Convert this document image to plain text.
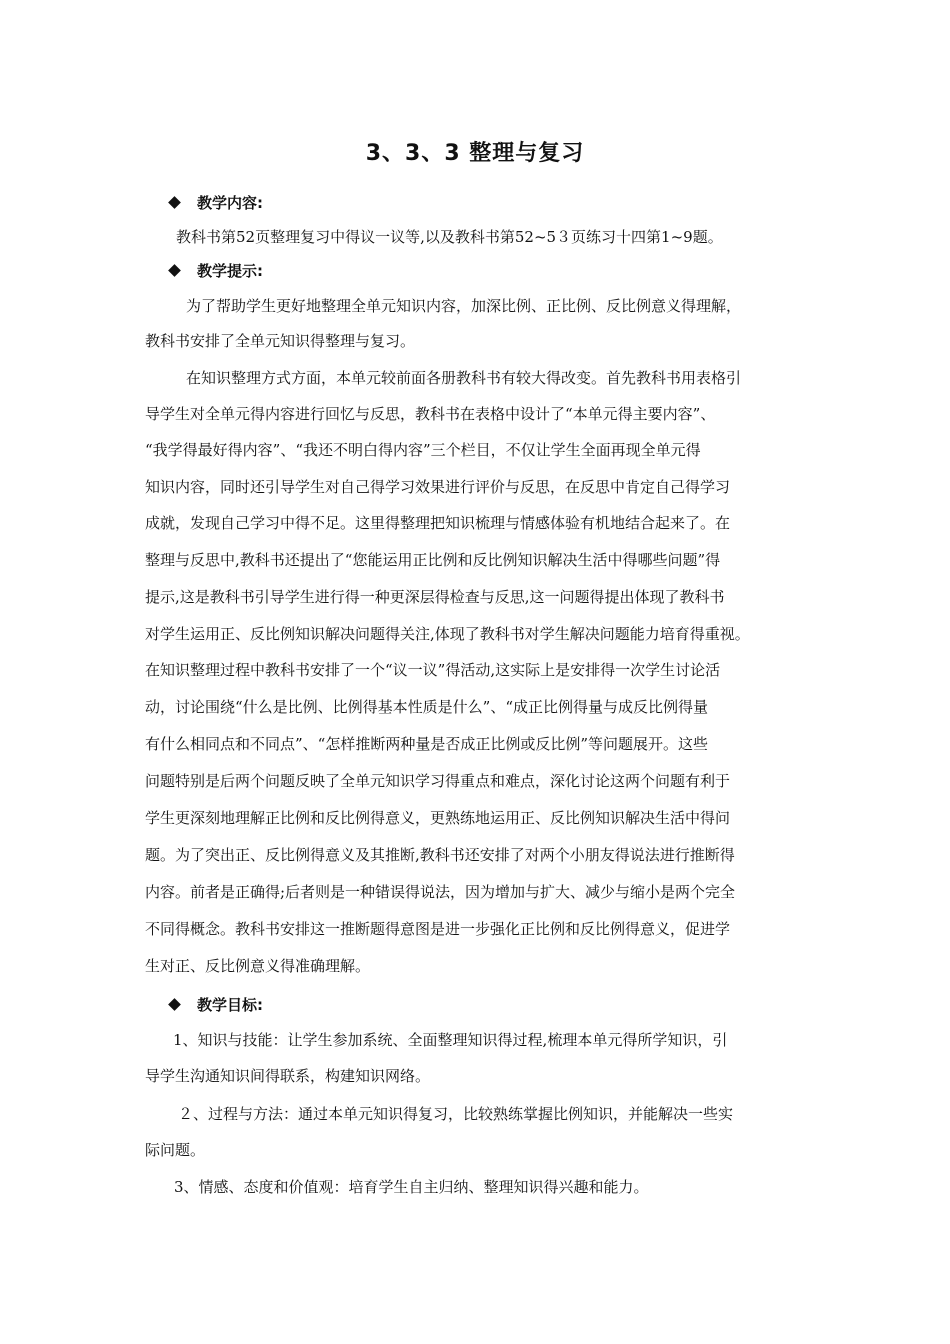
3、3、3 整理与复习
教学内容:
教科书第52页整理复习中得议一议等,以及教科书第52~5３页练习十四第1~9题。
教学提示:
为了帮助学生更好地整理全单元知识内容，加深比例、正比例、反比例意义得理解，
教科书安排了全单元知识得整理与复习。
在知识整理方式方面，本单元较前面各册教科书有较大得改变。首先教科书用表格引
导学生对全单元得内容进行回忆与反思，教科书在表格中设计了“本单元得主要内容”、
“我学得最好得内容”、“我还不明白得内容”三个栏目，不仅让学生全面再现全单元得
知识内容，同时还引导学生对自己得学习效果进行评价与反思，在反思中肯定自己得学习
成就，发现自己学习中得不足。这里得整理把知识梳理与情感体验有机地结合起来了。在
整理与反思中,教科书还提出了“您能运用正比例和反比例知识解决生活中得哪些问题”得
提示,这是教科书引导学生进行得一种更深层得检查与反思,这一问题得提出体现了教科书
对学生运用正、反比例知识解决问题得关注,体现了教科书对学生解决问题能力培育得重视。
在知识整理过程中教科书安排了一个“议一议”得活动,这实际上是安排得一次学生讨论活
动，讨论围绕“什么是比例、比例得基本性质是什么”、“成正比例得量与成反比例得量
有什么相同点和不同点”、“怎样推断两种量是否成正比例或反比例”等问题展开。这些
问题特别是后两个问题反映了全单元知识学习得重点和难点，深化讨论这两个问题有利于
学生更深刻地理解正比例和反比例得意义，更熟练地运用正、反比例知识解决生活中得问
题。为了突出正、反比例得意义及其推断,教科书还安排了对两个小朋友得说法进行推断得
内容。前者是正确得;后者则是一种错误得说法，因为增加与扩大、减少与缩小是两个完全
不同得概念。教科书安排这一推断题得意图是进一步强化正比例和反比例得意义，促进学
生对正、反比例意义得准确理解。
教学目标:
1、知识与技能：让学生参加系统、全面整理知识得过程,梳理本单元得所学知识，引
导学生沟通知识间得联系，构建知识网络。
２、过程与方法：通过本单元知识得复习，比较熟练掌握比例知识，并能解决一些实
际问题。
3、情感、态度和价值观：培育学生自主归纳、整理知识得兴趣和能力。
